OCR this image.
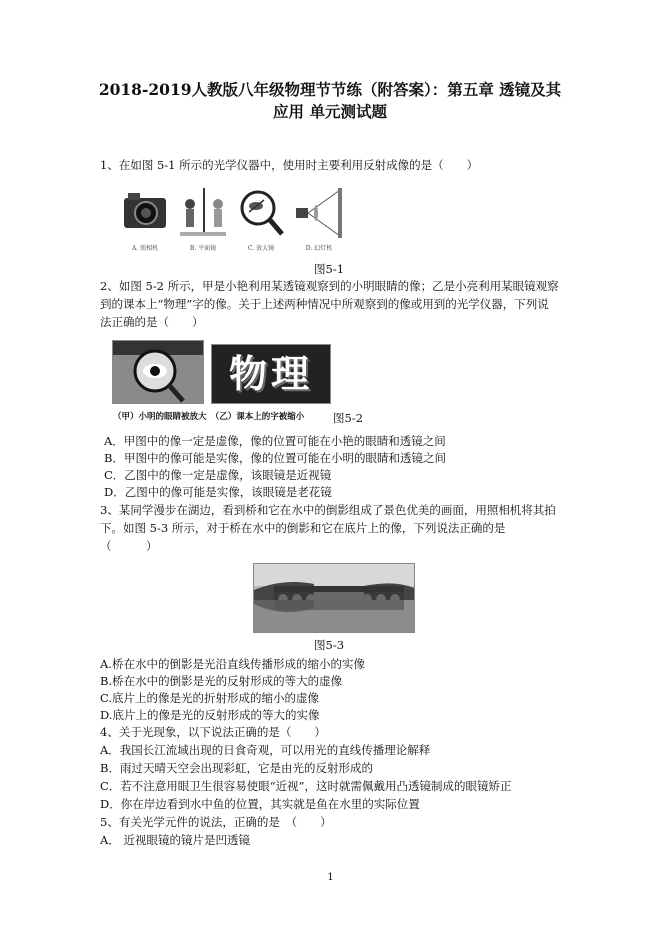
2018-2019人教版八年级物理节节练（附答案）：第五章 透镜及其
应用 单元测试题
1、在如图 5-1 所示的光学仪器中，使用时主要利用反射成像的是（　　）
A. 照相机	B. 平面镜	C. 放大镜	D. 幻灯机
图5-1
2、如图 5-2 所示，甲是小艳利用某透镜观察到的小明眼睛的像；乙是小亮利用某眼镜观察
到的课本上“物理”字的像。关于上述两种情况中所观察到的像或用到的光学仪器，下列说
法正确的是（　　）
物理
（甲）小明的眼睛被放大　（乙）课本上的字被缩小 图5-2
A．甲图中的像一定是虚像，像的位置可能在小艳的眼睛和透镜之间
B．甲图中的像可能是实像，像的位置可能在小明的眼睛和透镜之间
C．乙图中的像一定是虚像，该眼镜是近视镜
D．乙图中的像可能是实像，该眼镜是老花镜
3、某同学漫步在湖边，看到桥和它在水中的倒影组成了景色优美的画面，用照相机将其拍
下。如图 5-3 所示，对于桥在水中的倒影和它在底片上的像，下列说法正确的是
（　　　）
图5-3
A.桥在水中的倒影是光沿直线传播形成的缩小的实像
B.桥在水中的倒影是光的反射形成的等大的虚像
C.底片上的像是光的折射形成的缩小的虚像
D.底片上的像是光的反射形成的等大的实像
4、关于光现象，以下说法正确的是（　　）
A．我国长江流域出现的日食奇观，可以用光的直线传播理论解释
B．雨过天晴天空会出现彩虹，它是由光的反射形成的
C．若不注意用眼卫生很容易使眼“近视”，这时就需佩戴用凸透镜制成的眼镜矫正
D．你在岸边看到水中鱼的位置，其实就是鱼在水里的实际位置
5、有关光学元件的说法，正确的是　（　　）
A． 近视眼镜的镜片是凹透镜
1
